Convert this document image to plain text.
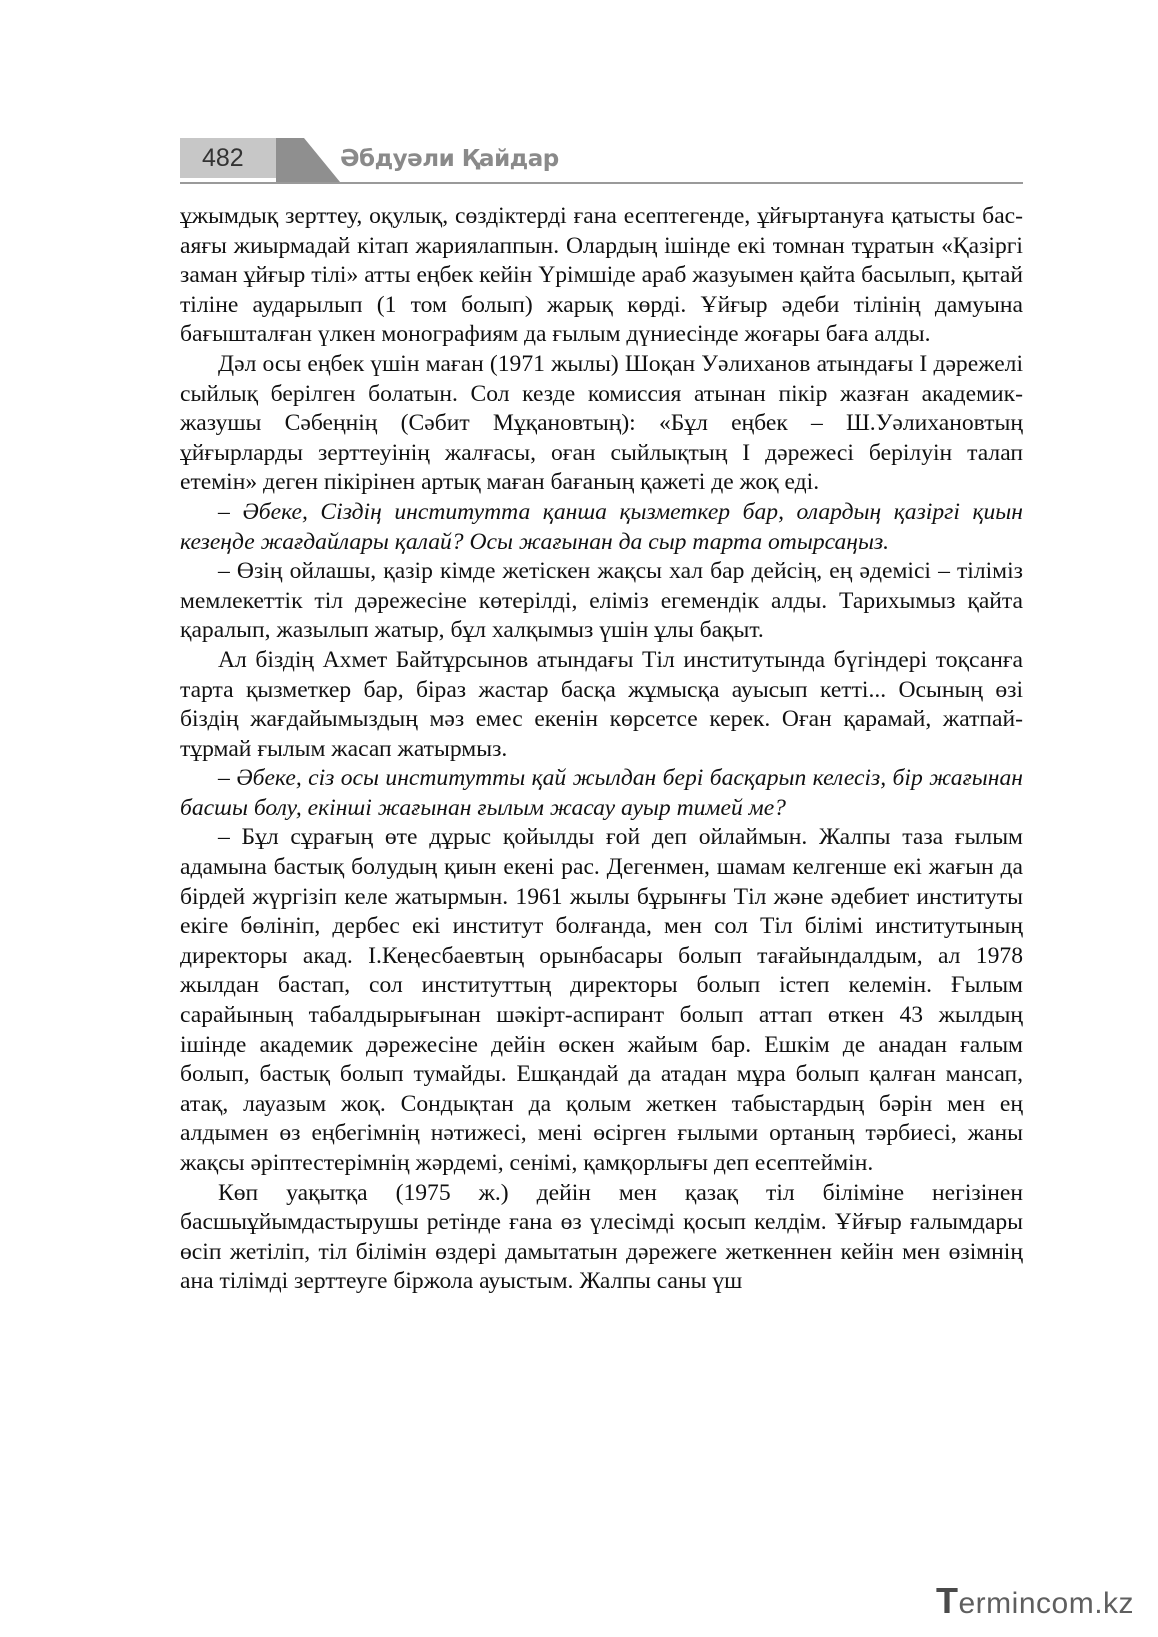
482	Әбдуәли Қайдар

ұжымдық зерттеу, оқулық, сөздіктерді ғана есептегенде, ұйғыртануға қатысты бас- аяғы жиырмадай кітап жариялаппын. Олардың ішінде екі томнан тұратын «Қазіргі заман ұйғыр тілі» атты еңбек кейін Үрімшіде араб жазуымен қайта басылып, қытай тіліне аударылып (1 том болып) жарық көрді. Ұйғыр әдеби тілінің дамуына бағышталған үлкен монографиям да ғылым дүниесінде жоғары баға алды.

Дәл осы еңбек үшін маған (1971 жылы) Шоқан Уәлиханов атындағы І дәрежелі сыйлық берілген болатын. Сол кезде комиссия атынан пікір жазған академик-жазушы Сәбеңнің (Сәбит Мұқановтың): «Бұл еңбек – Ш.Уәлихановтың ұйғырларды зерттеуінің жалғасы, оған сыйлықтың І дәрежесі берілуін талап етемін» деген пікірінен артық маған бағаның қажеті де жоқ еді.

– Әбеке, Сіздің институтта қанша қызметкер бар, олардың қазіргі қиын кезеңде жағдайлары қалай? Осы жағынан да сыр тарта отырсаңыз.

– Өзің ойлашы, қазір кімде жетіскен жақсы хал бар дейсің, ең әдемісі – тіліміз мемлекеттік тіл дәрежесіне көтерілді, еліміз егемендік алды. Тарихымыз қайта қаралып, жазылып жатыр, бұл халқымыз үшін ұлы бақыт.

Ал біздің Ахмет Байтұрсынов атындағы Тіл институтында бүгіндері тоқсанға тарта қызметкер бар, біраз жастар басқа жұмысқа ауысып кетті... Осының өзі біздің жағдайымыздың мәз емес екенін көрсетсе керек. Оған қарамай, жатпай-тұрмай ғылым жасап жатырмыз.

– Әбеке, сіз осы институтты қай жылдан бері басқарып келесіз, бір жағынан басшы болу, екінші жағынан ғылым жасау ауыр тимей ме?

– Бұл сұрағың өте дұрыс қойылды ғой деп ойлаймын. Жалпы таза ғылым адамына бастық болудың қиын екені рас. Дегенмен, шамам келгенше екі жағын да бірдей жүргізіп келе жатырмын. 1961 жылы бұрынғы Тіл және әдебиет институты екіге бөлініп, дербес екі институт болғанда, мен сол Тіл білімі институтының директоры акад. І.Кеңесбаевтың орынбасары болып тағайындалдым, ал 1978 жылдан бастап, сол институттың директоры болып істеп келемін. Ғылым сарайының табалдырығынан шәкірт-аспирант болып аттап өткен 43 жылдың ішінде академик дәрежесіне дейін өскен жайым бар. Ешкім де анадан ғалым болып, бастық болып тумайды. Ешқандай да атадан мұра болып қалған мансап, атақ, лауазым жоқ. Сондықтан да қолым жеткен табыстардың бәрін мен ең алдымен өз еңбегімнің нәтижесі, мені өсірген ғылыми ортаның тәрбиесі, жаны жақсы әріптестерімнің жәрдемі, сенімі, қамқорлығы деп есептеймін.

Көп уақытқа (1975 ж.) дейін мен қазақ тіл біліміне негізінен басшыұйымдастырушы ретінде ғана өз үлесімді қосып келдім. Ұйғыр ғалымдары өсіп жетіліп, тіл білімін өздері дамытатын дәрежеге жеткеннен кейін мен өзімнің ана тілімді зерттеуге біржола ауыстым. Жалпы саны үш

Termincom.kz
